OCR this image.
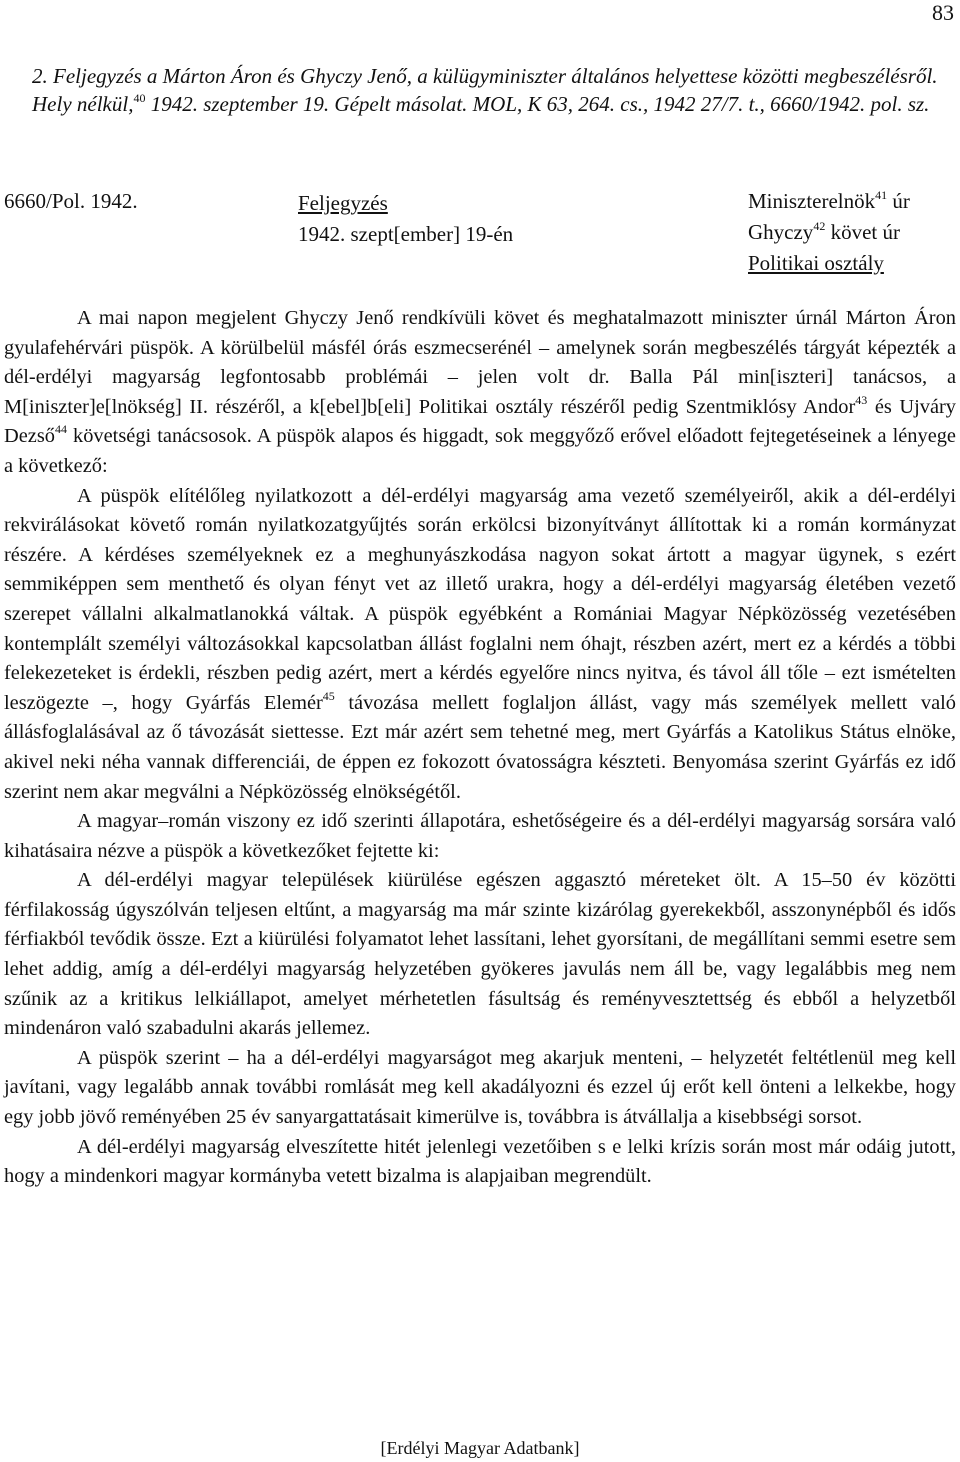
83
2. Feljegyzés a Márton Áron és Ghyczy Jenő, a külügyminiszter általános helyettese közötti megbeszélésről. Hely nélkül,$^{40}$ 1942. szeptember 19. Gépelt másolat. MOL, K 63, 264. cs., 1942 27/7. t., 6660/1942. pol. sz.
6660/Pol. 1942.	Feljegyzés
1942. szept[ember] 19-én
Miniszterelnök$^{41}$ úr
Ghyczy$^{42}$ követ úr
Politikai osztály

A mai napon megjelent Ghyczy Jenő rendkívüli követ és meghatalmazott miniszter úrnál Márton Áron gyulafehérvári püspök. A körülbelül másfél órás eszmecserénél – amelynek során megbeszélés tárgyát képezték a dél-erdélyi magyarság legfontosabb problémái – jelen volt dr. Balla Pál min[iszteri] tanácsos, a M[iniszter]e[lnökség] II. részéről, a k[ebel]b[eli] Politikai osztály részéről pedig Szentmiklósy Andor$^{43}$ és Ujváry Dezső$^{44}$ követségi tanácsosok. A püspök alapos és higgadt, sok meggyőző erővel előadott fejtegetéseinek a lényege a következő:

A püspök elítélőleg nyilatkozott a dél-erdélyi magyarság ama vezető személyeiről, akik a dél-erdélyi rekvirálásokat követő román nyilatkozatgyűjtés során erkölcsi bizonyítványt állítottak ki a román kormányzat részére. A kérdéses személyeknek ez a meghunyászkodása nagyon sokat ártott a magyar ügynek, s ezért semmiképpen sem menthető és olyan fényt vet az illető urakra, hogy a dél-erdélyi magyarság életében vezető szerepet vállalni alkalmatlanokká váltak. A püspök egyébként a Romániai Magyar Népközösség vezetésében kontemplált személyi változásokkal kapcsolatban állást foglalni nem óhajt, részben azért, mert ez a kérdés a többi felekezeteket is érdekli, részben pedig azért, mert a kérdés egyelőre nincs nyitva, és távol áll tőle – ezt ismételten leszögezte –, hogy Gyárfás Elemér$^{45}$ távozása mellett foglaljon állást, vagy más személyek mellett való állásfoglalásával az ő távozását siettesse. Ezt már azért sem tehetné meg, mert Gyárfás a Katolikus Státus elnöke, akivel neki néha vannak differenciái, de éppen ez fokozott óvatosságra készteti. Benyomása szerint Gyárfás ez idő szerint nem akar megválni a Népközösség elnökségétől.

A magyar–román viszony ez idő szerinti állapotára, eshetőségeire és a dél-erdélyi magyarság sorsára való kihatásaira nézve a püspök a következőket fejtette ki:

A dél-erdélyi magyar települések kiürülése egészen aggasztó méreteket ölt. A 15–50 év közötti férfilakosság úgyszólván teljesen eltűnt, a magyarság ma már szinte kizárólag gyerekekből, asszonynépből és idős férfiakból tevődik össze. Ezt a kiürülési folyamatot lehet lassítani, lehet gyorsítani, de megállítani semmi esetre sem lehet addig, amíg a dél-erdélyi magyarság helyzetében gyökeres javulás nem áll be, vagy legalábbis meg nem szűnik az a kritikus lelkiállapot, amelyet mérhetetlen fásultság és reményvesztettség és ebből a helyzetből mindenáron való szabadulni akarás jellemez.

A püspök szerint – ha a dél-erdélyi magyarságot meg akarjuk menteni, – helyzetét feltétlenül meg kell javítani, vagy legalább annak további romlását meg kell akadályozni és ezzel új erőt kell önteni a lelkekbe, hogy egy jobb jövő reményében 25 év sanyargattatásait kimerülve is, továbbra is átvállalja a kisebbségi sorsot.

A dél-erdélyi magyarság elveszítette hitét jelenlegi vezetőiben s e lelki krízis során most már odáig jutott, hogy a mindenkori magyar kormányba vetett bizalma is alapjaiban megrendült.

[Erdélyi Magyar Adatbank]
